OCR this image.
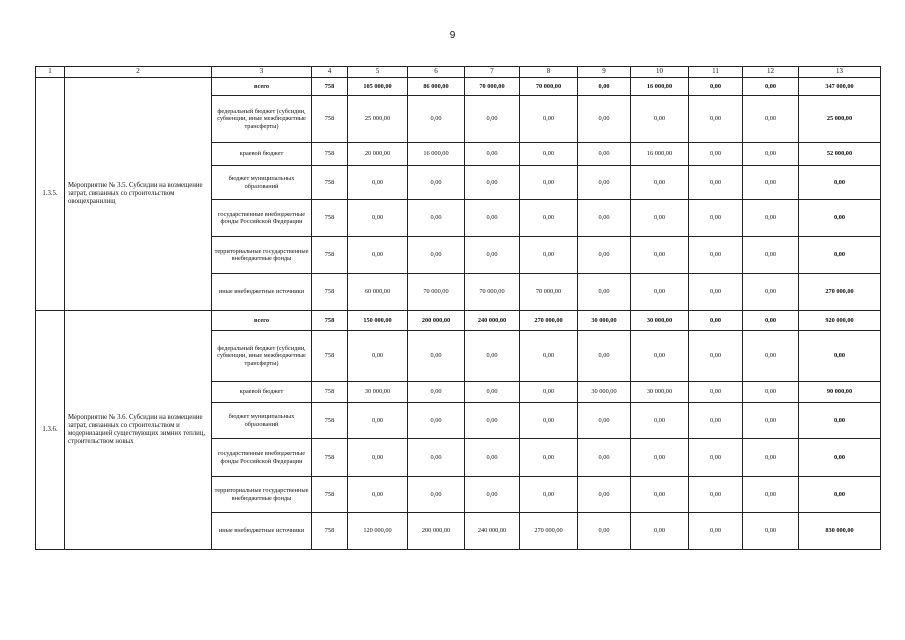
9
1	2	3	4	5	6	7	8	9	10	11	12	13
1.3.5.	Мероприятие № 3.5. Субсидии на возмещение затрат, связанных со строительством овощехранилищ	всего	758	105 000,00	86 000,00	70 000,00	70 000,00	0,00	16 000,00	0,00	0,00	347 000,00
		федеральный бюджет (субсидии, субвенции, иные межбюджетные трансферты)	758	25 000,00	0,00	0,00	0,00	0,00	0,00	0,00	0,00	25 000,00
		краевой бюджет	758	20 000,00	16 000,00	0,00	0,00	0,00	16 000,00	0,00	0,00	52 000,00
		бюджет муниципальных образований	758	0,00	0,00	0,00	0,00	0,00	0,00	0,00	0,00	0,00
		государственные внебюджетные фонды Российской Федерации	758	0,00	0,00	0,00	0,00	0,00	0,00	0,00	0,00	0,00
		территориальные государственные внебюджетные фонды	758	0,00	0,00	0,00	0,00	0,00	0,00	0,00	0,00	0,00
		иные внебюджетные источники	758	60 000,00	70 000,00	70 000,00	70 000,00	0,00	0,00	0,00	0,00	270 000,00
1.3.6.	Мероприятие № 3.6. Субсидии на возмещение затрат, связанных со строительством и модернизацией существующих зимних теплиц, строительством новых	всего	758	150 000,00	200 000,00	240 000,00	270 000,00	30 000,00	30 000,00	0,00	0,00	920 000,00
		федеральный бюджет (субсидии, субвенции, иные межбюджетные трансферты)	758	0,00	0,00	0,00	0,00	0,00	0,00	0,00	0,00	0,00
		краевой бюджет	758	30 000,00	0,00	0,00	0,00	30 000,00	30 000,00	0,00	0,00	90 000,00
		бюджет муниципальных образований	758	0,00	0,00	0,00	0,00	0,00	0,00	0,00	0,00	0,00
		государственные внебюджетные фонды Российской Федерации	758	0,00	0,00	0,00	0,00	0,00	0,00	0,00	0,00	0,00
		территориальные государственные внебюджетные фонды	758	0,00	0,00	0,00	0,00	0,00	0,00	0,00	0,00	0,00
		иные внебюджетные источники	758	120 000,00	200 000,00	240 000,00	270 000,00	0,00	0,00	0,00	0,00	830 000,00
